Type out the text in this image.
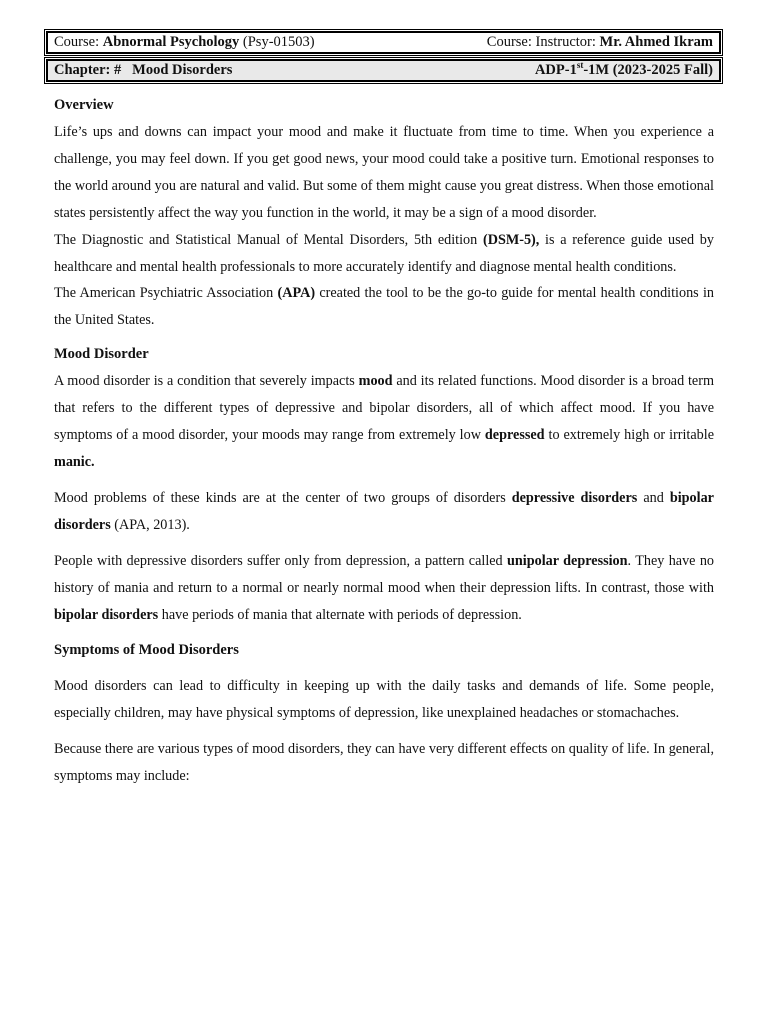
Course: Abnormal Psychology (Psy-01503)	Course: Instructor: Mr. Ahmed Ikram
Chapter: #   Mood Disorders	ADP-1st-1M (2023-2025 Fall)
Overview

Life’s ups and downs can impact your mood and make it fluctuate from time to time. When you experience a challenge, you may feel down. If you get good news, your mood could take a positive turn. Emotional responses to the world around you are natural and valid. But some of them might cause you great distress. When those emotional states persistently affect the way you function in the world, it may be a sign of a mood disorder.

The Diagnostic and Statistical Manual of Mental Disorders, 5th edition (DSM-5), is a reference guide used by healthcare and mental health professionals to more accurately identify and diagnose mental health conditions.

The American Psychiatric Association (APA) created the tool to be the go-to guide for mental health conditions in the United States.

Mood Disorder

A mood disorder is a condition that severely impacts mood and its related functions. Mood disorder is a broad term that refers to the different types of depressive and bipolar disorders, all of which affect mood. If you have symptoms of a mood disorder, your moods may range from extremely low depressed to extremely high or irritable manic.

Mood problems of these kinds are at the center of two groups of disorders depressive disorders and bipolar disorders (APA, 2013).

People with depressive disorders suffer only from depression, a pattern called unipolar depression. They have no history of mania and return to a normal or nearly normal mood when their depression lifts. In contrast, those with bipolar disorders have periods of mania that alternate with periods of depression.

Symptoms of Mood Disorders

Mood disorders can lead to difficulty in keeping up with the daily tasks and demands of life. Some people, especially children, may have physical symptoms of depression, like unexplained headaches or stomachaches.

Because there are various types of mood disorders, they can have very different effects on quality of life. In general, symptoms may include:
